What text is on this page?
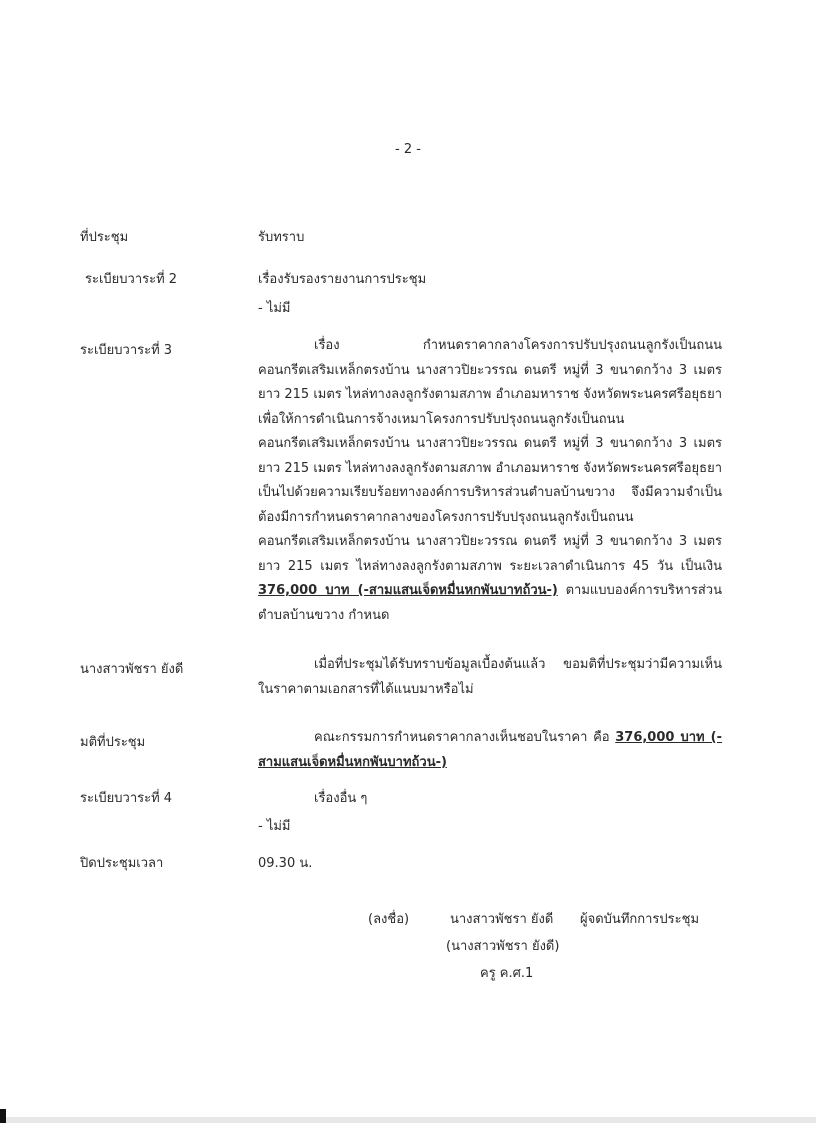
- 2 -
ที่ประชุม	รับทราบ
ระเบียบวาระที่ 2	เรื่องรับรองรายงานการประชุม
- ไม่มี
ระเบียบวาระที่ 3	เรื่อง กำหนดราคากลางโครงการปรับปรุงถนนลูกรังเป็นถนนคอนกรีตเสริมเหล็กตรงบ้าน นางสาวปิยะวรรณ ดนตรี หมู่ที่ 3 ขนาดกว้าง 3 เมตร ยาว 215 เมตร ไหล่ทางลงลูกรังตามสภาพ อำเภอมหาราช จังหวัดพระนครศรีอยุธยา เพื่อให้การดำเนินการจ้างเหมาโครงการปรับปรุงถนนลูกรังเป็นถนนคอนกรีตเสริมเหล็กตรงบ้าน นางสาวปิยะวรรณ ดนตรี หมู่ที่ 3 ขนาดกว้าง 3 เมตร ยาว 215 เมตร ไหล่ทางลงลูกรังตามสภาพ อำเภอมหาราช จังหวัดพระนครศรีอยุธยา เป็นไปด้วยความเรียบร้อยทางองค์การบริหารส่วนตำบลบ้านขวาง จึงมีความจำเป็นต้องมีการกำหนดราคากลางของโครงการปรับปรุงถนนลูกรังเป็นถนนคอนกรีตเสริมเหล็กตรงบ้าน นางสาวปิยะวรรณ ดนตรี หมู่ที่ 3 ขนาดกว้าง 3 เมตร ยาว 215 เมตร ไหล่ทางลงลูกรังตามสภาพ ระยะเวลาดำเนินการ 45 วัน เป็นเงิน 376,000 บาท (-สามแสนเจ็ดหมื่นหกพันบาทถ้วน-) ตามแบบองค์การบริหารส่วนตำบลบ้านขวาง กำหนด

นางสาวพัชรา ยังดี	เมื่อที่ประชุมได้รับทราบข้อมูลเบื้องต้นแล้ว ขอมติที่ประชุมว่ามีความเห็นในราคาตามเอกสารที่ได้แนบมาหรือไม่

มติที่ประชุม	คณะกรรมการกำหนดราคากลางเห็นชอบในราคา คือ 376,000 บาท (-สามแสนเจ็ดหมื่นหกพันบาทถ้วน-)

ระเบียบวาระที่ 4	เรื่องอื่น ๆ
- ไม่มี
ปิดประชุมเวลา	09.30 น.
(ลงชื่อ)	นางสาวพัชรา ยังดี ผู้จดบันทึกการประชุม
(นางสาวพัชรา ยังดี)
ครู ค.ศ.1
